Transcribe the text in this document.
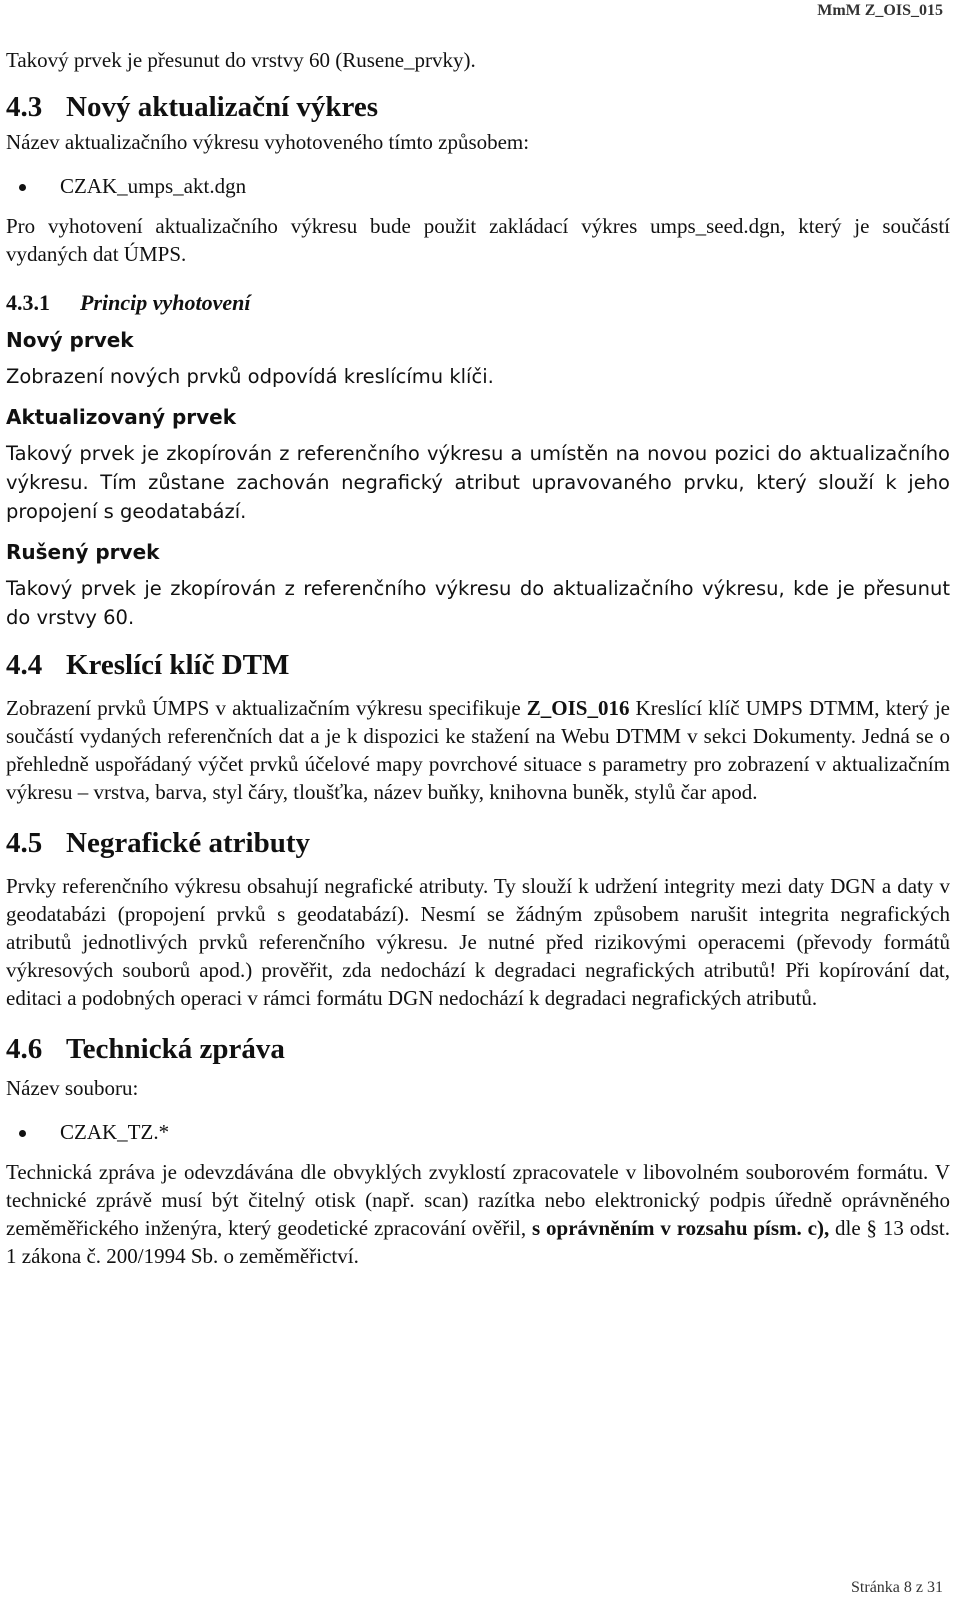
MmM Z_OIS_015

Takový prvek je přesunut do vrstvy 60 (Rusene_prvky).

4.3 Nový aktualizační výkres

Název aktualizačního výkresu vyhotoveného tímto způsobem:

CZAK_umps_akt.dgn

Pro vyhotovení aktualizačního výkresu bude použit zakládací výkres umps_seed.dgn, který je součástí vydaných dat ÚMPS.

4.3.1 Princip vyhotovení
Nový prvek

Zobrazení nových prvků odpovídá kreslícímu klíči.

Aktualizovaný prvek

Takový prvek je zkopírován z referenčního výkresu a umístěn na novou pozici do aktualizačního výkresu. Tím zůstane zachován negrafický atribut upravovaného prvku, který slouží k jeho propojení s geodatabází.

Rušený prvek

Takový prvek je zkopírován z referenčního výkresu do aktualizačního výkresu, kde je přesunut do vrstvy 60.

4.4 Kreslící klíč DTM

Zobrazení prvků ÚMPS v aktualizačním výkresu specifikuje Z_OIS_016 Kreslící klíč UMPS DTMM, který je součástí vydaných referenčních dat a je k dispozici ke stažení na Webu DTMM v sekci Dokumenty. Jedná se o přehledně uspořádaný výčet prvků účelové mapy povrchové situace s parametry pro zobrazení v aktualizačním výkresu – vrstva, barva, styl čáry, tloušťka, název buňky, knihovna buněk, stylů čar apod.

4.5 Negrafické atributy

Prvky referenčního výkresu obsahují negrafické atributy. Ty slouží k udržení integrity mezi daty DGN a daty v geodatabázi (propojení prvků s geodatabází). Nesmí se žádným způsobem narušit integrita negrafických atributů jednotlivých prvků referenčního výkresu. Je nutné před rizikovými operacemi (převody formátů výkresových souborů apod.) prověřit, zda nedochází k degradaci negrafických atributů! Při kopírování dat, editaci a podobných operaci v rámci formátu DGN nedochází k degradaci negrafických atributů.

4.6 Technická zpráva

Název souboru:

CZAK_TZ.*

Technická zpráva je odevzdávána dle obvyklých zvyklostí zpracovatele v libovolném souborovém formátu. V technické zprávě musí být čitelný otisk (např. scan) razítka nebo elektronický podpis úředně oprávněného zeměměřického inženýra, který geodetické zpracování ověřil, s oprávněním v rozsahu písm. c), dle § 13 odst. 1 zákona č. 200/1994 Sb. o zeměměřictví.

Stránka 8 z 31
